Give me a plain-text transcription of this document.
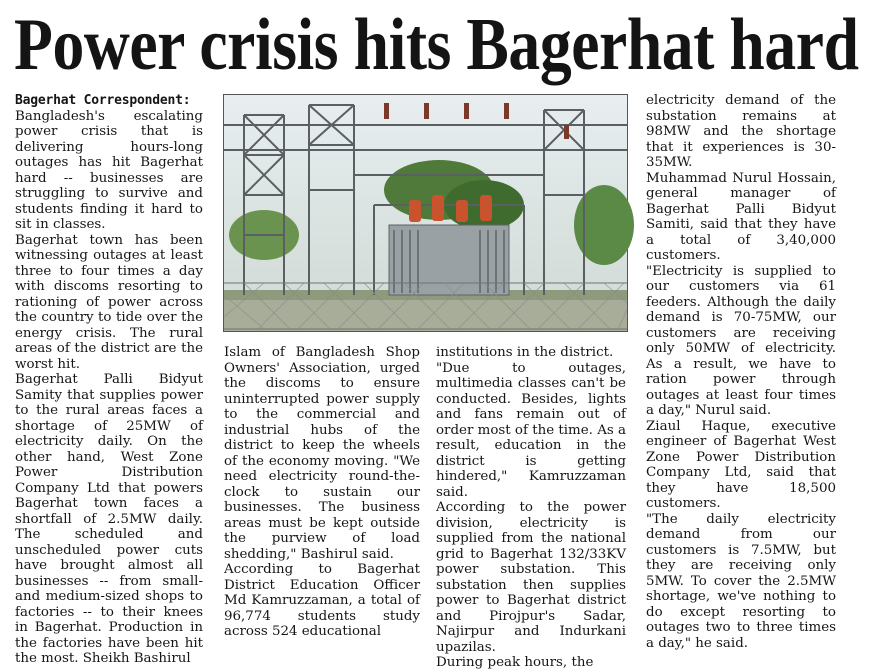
Power crisis hits Bagerhat hard

Bagerhat Correspondent:
Bangladesh's escalating power crisis that is delivering hours-long outages has hit Bagerhat hard -- businesses are struggling to survive and students finding it hard to sit in classes.

Bagerhat town has been witnessing outages at least three to four times a day with discoms resorting to rationing of power across the country to tide over the energy crisis. The rural areas of the district are the worst hit.

Bagerhat Palli Bidyut Samity that supplies power to the rural areas faces a shortage of 25MW of electricity daily. On the other hand, West Zone Power Distribution Company Ltd that powers Bagerhat town faces a shortfall of 2.5MW daily. The scheduled and unscheduled power cuts have brought almost all businesses -- from small- and medium-sized shops to factories -- to their knees in Bagerhat. Production in the factories have been hit the most. Sheikh Bashirul

Islam of Bangladesh Shop Owners' Association, urged the discoms to ensure uninterrupted power supply to the commercial and industrial hubs of the district to keep the wheels of the economy moving. "We need electricity round-the-clock to sustain our businesses. The business areas must be kept outside the purview of load shedding," Bashirul said.

According to Bagerhat District Education Officer Md Kamruzzaman, a total of 96,774 students study across 524 educational

institutions in the district.

"Due to outages, multimedia classes can't be conducted. Besides, lights and fans remain out of order most of the time. As a result, education in the district is getting hindered," Kamruzzaman said.

According to the power division, electricity is supplied from the national grid to Bagerhat 132/33KV power substation. This substation then supplies power to Bagerhat district and Pirojpur's Sadar, Najirpur and Indurkani upazilas.

During peak hours, the

electricity demand of the substation remains at 98MW and the shortage that it experiences is 30-35MW.

Muhammad Nurul Hossain, general manager of Bagerhat Palli Bidyut Samiti, said that they have a total of 3,40,000 customers.

"Electricity is supplied to our customers via 61 feeders. Although the daily demand is 70-75MW, our customers are receiving only 50MW of electricity. As a result, we have to ration power through outages at least four times a day," Nurul said.

Ziaul Haque, executive engineer of Bagerhat West Zone Power Distribution Company Ltd, said that they have 18,500 customers.

"The daily electricity demand from our customers is 7.5MW, but they are receiving only 5MW. To cover the 2.5MW shortage, we've nothing to do except resorting to outages two to three times a day," he said.
